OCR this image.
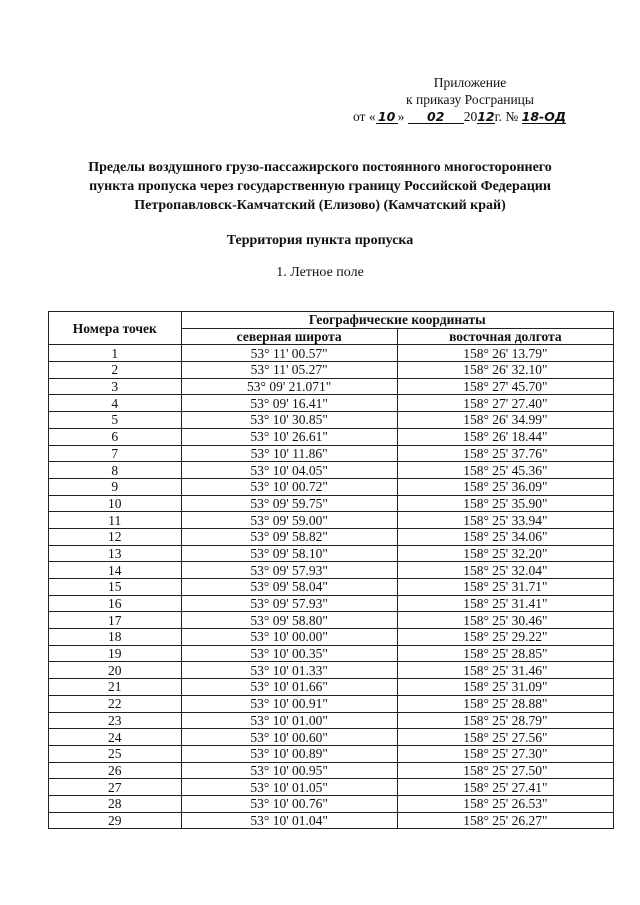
Приложение
к приказу Росграницы
от « 10 » 02 2012г. № 18-ОД
Пределы воздушного грузо-пассажирского постоянного многостороннего
пункта пропуска через государственную границу Российской Федерации
Петропавловск-Камчатский (Елизово) (Камчатский край)
Территория пункта пропуска
1. Летное поле
Номера точек	Географические координаты	
	северная широта	восточная долгота
1	53° 11' 00.57"	158° 26' 13.79"
2	53° 11' 05.27"	158° 26' 32.10"
3	53° 09' 21.071"	158° 27' 45.70"
4	53° 09' 16.41"	158° 27' 27.40"
5	53° 10' 30.85"	158° 26' 34.99"
6	53° 10' 26.61"	158° 26' 18.44"
7	53° 10' 11.86"	158° 25' 37.76"
8	53° 10' 04.05"	158° 25' 45.36"
9	53° 10' 00.72"	158° 25' 36.09"
10	53° 09' 59.75"	158° 25' 35.90"
11	53° 09' 59.00"	158° 25' 33.94"
12	53° 09' 58.82"	158° 25' 34.06"
13	53° 09' 58.10"	158° 25' 32.20"
14	53° 09' 57.93"	158° 25' 32.04"
15	53° 09' 58.04"	158° 25' 31.71"
16	53° 09' 57.93"	158° 25' 31.41"
17	53° 09' 58.80"	158° 25' 30.46"
18	53° 10' 00.00"	158° 25' 29.22"
19	53° 10' 00.35"	158° 25' 28.85"
20	53° 10' 01.33"	158° 25' 31.46"
21	53° 10' 01.66"	158° 25' 31.09"
22	53° 10' 00.91"	158° 25' 28.88"
23	53° 10' 01.00"	158° 25' 28.79"
24	53° 10' 00.60"	158° 25' 27.56"
25	53° 10' 00.89"	158° 25' 27.30"
26	53° 10' 00.95"	158° 25' 27.50"
27	53° 10' 01.05"	158° 25' 27.41"
28	53° 10' 00.76"	158° 25' 26.53"
29	53° 10' 01.04"	158° 25' 26.27"
